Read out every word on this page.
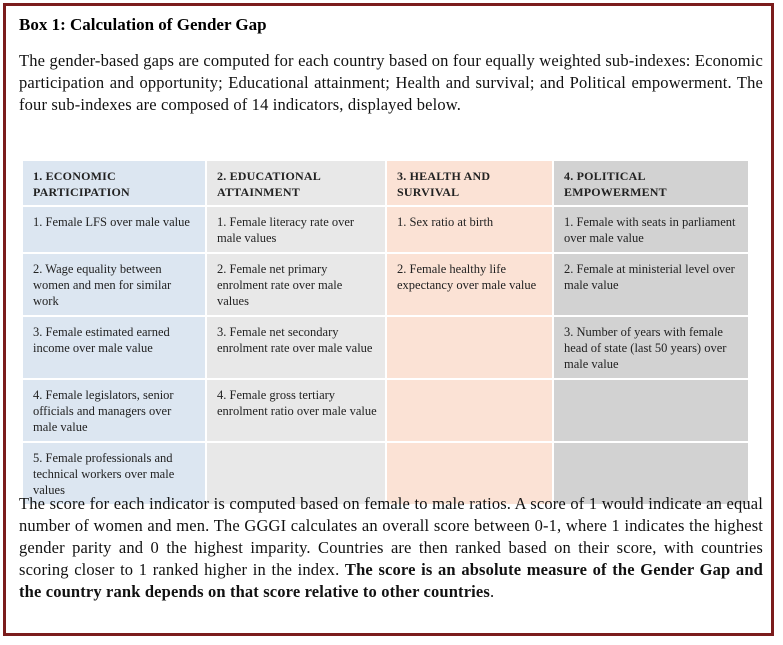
Box 1: Calculation of Gender Gap
The gender-based gaps are computed for each country based on four equally weighted sub-indexes: Economic participation and opportunity; Educational attainment; Health and survival; and Political empowerment. The four sub-indexes are composed of 14 indicators, displayed below.
1. ECONOMIC PARTICIPATION	2. EDUCATIONAL ATTAINMENT	3. HEALTH AND SURVIVAL	4. POLITICAL EMPOWERMENT
1. Female LFS over male value	1. Female literacy rate over male values	1. Sex ratio at birth	1. Female with seats in parliament over male value
2. Wage equality between women and men for similar work	2. Female net primary enrolment rate over male values	2. Female healthy life expectancy over male value	2. Female at ministerial level over male value
3. Female estimated earned income over male value	3. Female net secondary enrolment rate over male value		3. Number of years with female head of state (last 50 years) over male value
4. Female legislators, senior officials and managers over male value	4. Female gross tertiary enrolment ratio over male value		
5. Female professionals and technical workers over male values			
The score for each indicator is computed based on female to male ratios. A score of 1 would indicate an equal number of women and men. The GGGI calculates an overall score between 0-1, where 1 indicates the highest gender parity and 0 the highest imparity. Countries are then ranked based on their score, with countries scoring closer to 1 ranked higher in the index. The score is an absolute measure of the Gender Gap and the country rank depends on that score relative to other countries.
